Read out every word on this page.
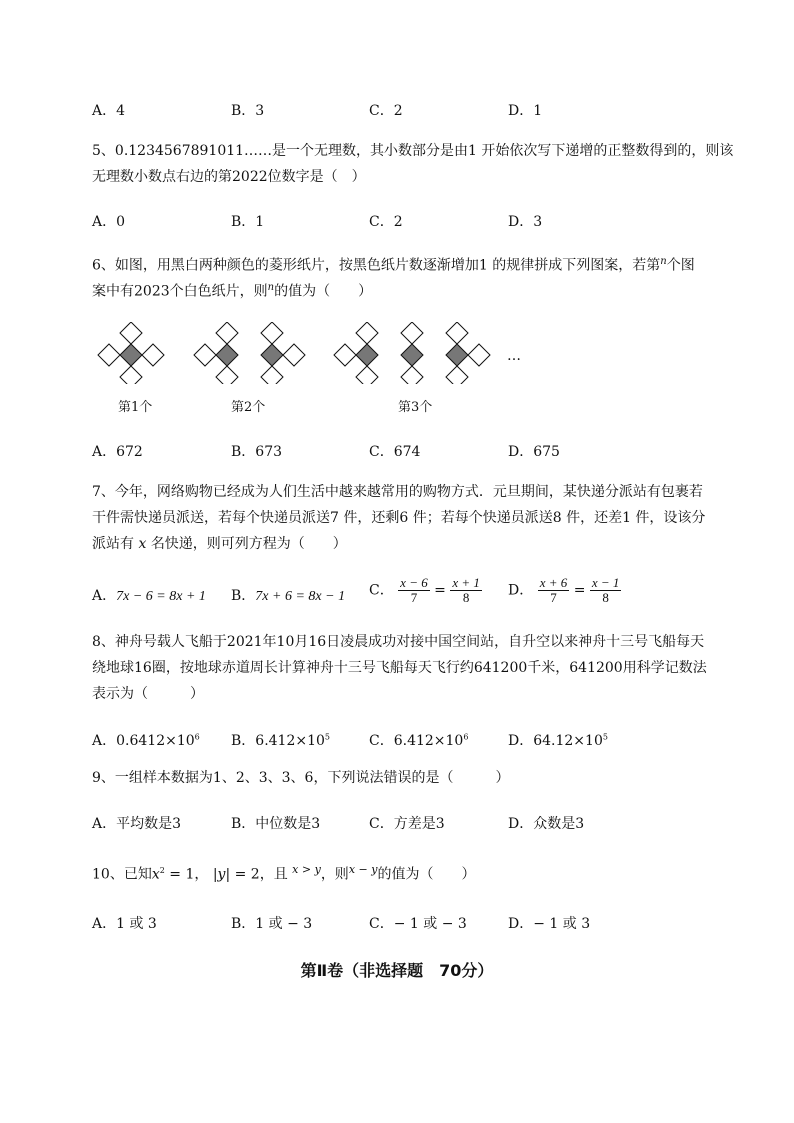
A．4	B．3	C．2	D．1
5、0.1234567891011……是一个无理数，其小数部分是由1 开始依次写下递增的正整数得到的，则该
无理数小数点右边的第2022位数字是（　）
A．0	B．1	C．2	D．3
6、如图，用黑白两种颜色的菱形纸片，按黑色纸片数逐渐增加1 的规律拼成下列图案，若第$^n$个图
案中有2023个白色纸片，则$^n$的值为（　　）
…
第1个	第2个	第3个
A．672	B．673	C．674	D．675
7、今年，网络购物已经成为人们生活中越来越常用的购物方式．元旦期间，某快递分派站有包裹若
干件需快递员派送，若每个快递员派送7 件，还剩6 件；若每个快递员派送8 件，还差1 件，设该分
派站有 x 名快递，则可列方程为（　　）
A．7x − 6 = 8x + 1 B．7x + 6 = 8x − 1 C． $\frac{x - 6}{7} = \frac{x + 1}{8}$ D． $\frac{x + 6}{7} = \frac{x - 1}{8}$
8、神舟号载人飞船于2021年10月16日凌晨成功对接中国空间站，自升空以来神舟十三号飞船每天
绕地球16圈，按地球赤道周长计算神舟十三号飞船每天飞行约641200千米，641200用科学记数法
表示为（　　　）
A．$0.6412\times 10^6$ B．$6.412\times 10^5$	C．$6.412\times 10^6$	D．$64.12\times 10^5$
9、一组样本数据为1、2、3、3、6，下列说法错误的是（　　　）
A．平均数是3	B．中位数是3	C．方差是3	D．众数是3
10、已知$x^2 = 1$， |y| = 2，且 $^{x > y}$，则$^{x - y}$的值为（　　）
A．1 或 3	B．1 或 − 3	C．− 1 或 − 3	D．− 1 或 3
第Ⅱ卷（非选择题　70分）
